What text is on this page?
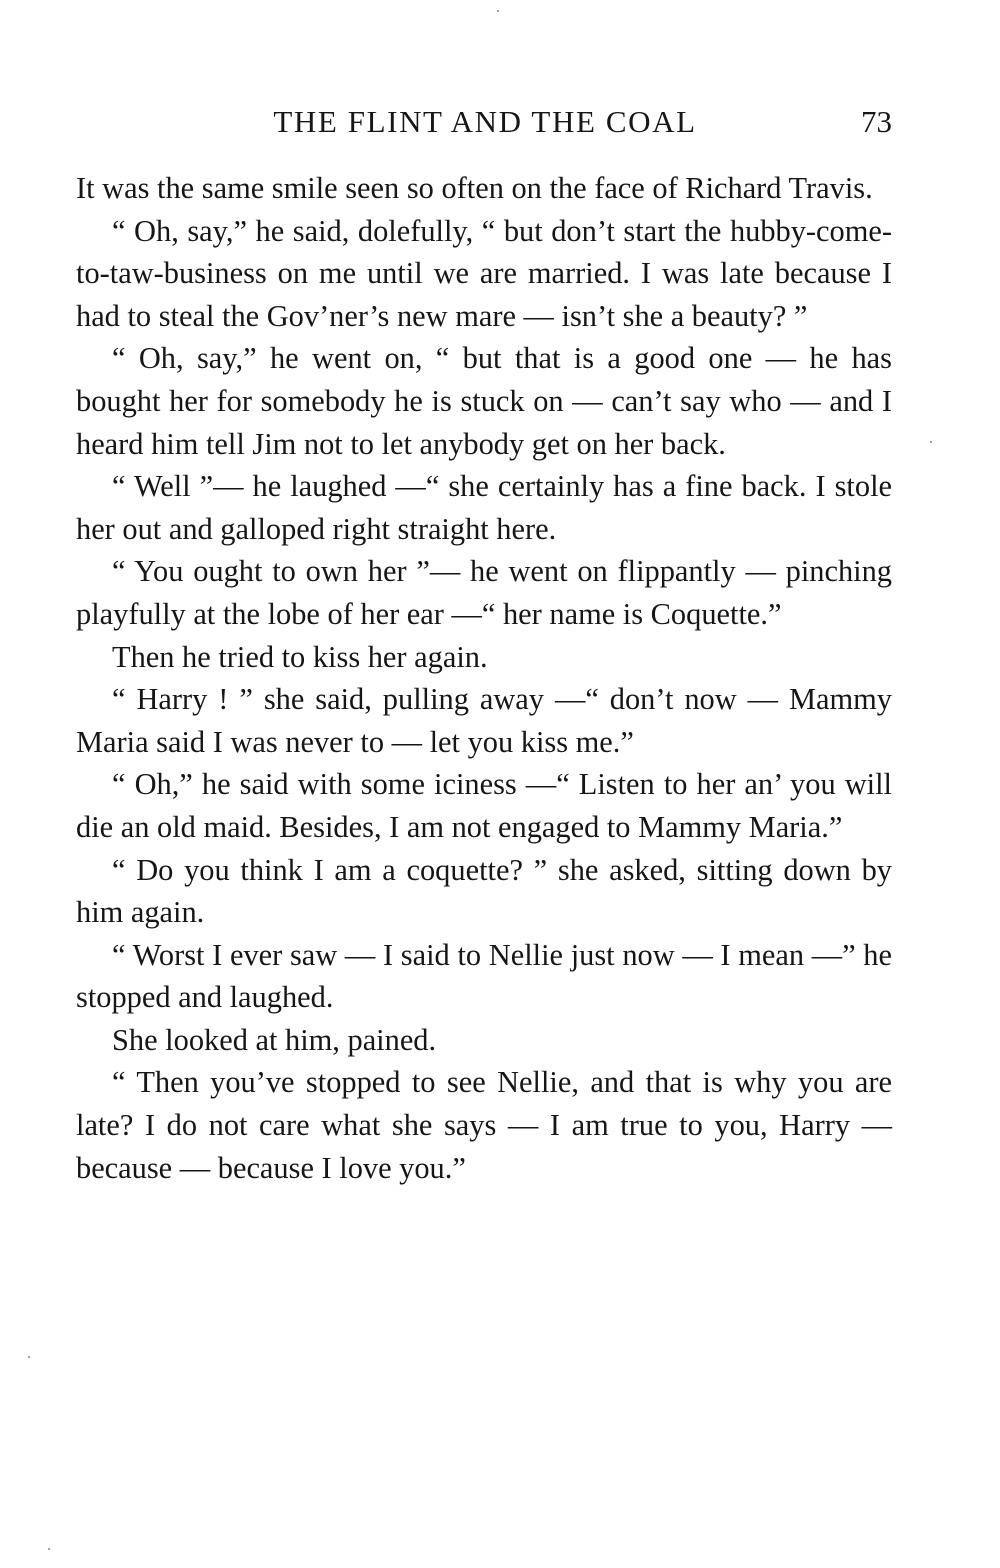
THE FLINT AND THE COAL	73

It was the same smile seen so often on the face of Richard Travis.

“ Oh, say,” he said, dolefully, “ but don’t start the hubby-come-to-taw-business on me until we are married. I was late because I had to steal the Gov’ner’s new mare — isn’t she a beauty? ”

“ Oh, say,” he went on, “ but that is a good one — he has bought her for somebody he is stuck on — can’t say who — and I heard him tell Jim not to let anybody get on her back.

“ Well ”— he laughed —“ she certainly has a fine back. I stole her out and galloped right straight here.

“ You ought to own her ”— he went on flippantly — pinching playfully at the lobe of her ear —“ her name is Coquette.”

Then he tried to kiss her again.

“ Harry ! ” she said, pulling away —“ don’t now — Mammy Maria said I was never to — let you kiss me.”

“ Oh,” he said with some iciness —“ Listen to her an’ you will die an old maid. Besides, I am not engaged to Mammy Maria.”

“ Do you think I am a coquette? ” she asked, sitting down by him again.

“ Worst I ever saw — I said to Nellie just now — I mean —” he stopped and laughed.

She looked at him, pained.

“ Then you’ve stopped to see Nellie, and that is why you are late? I do not care what she says — I am true to you, Harry — because — because I love you.”
